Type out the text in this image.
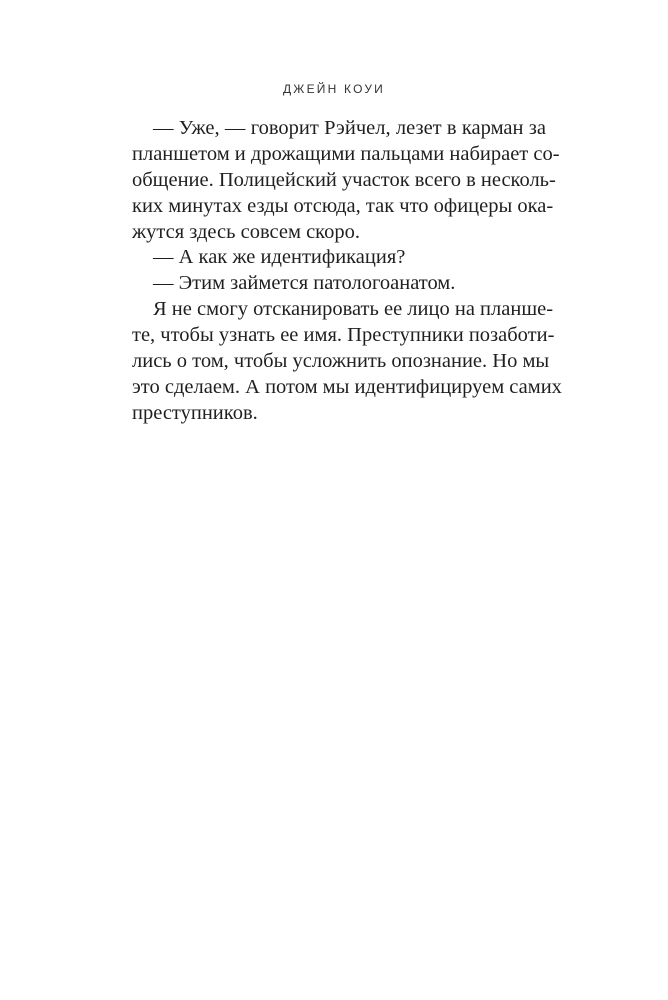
ДЖЕЙН КОУИ
— Уже, — говорит Рэйчел, лезет в карман за
планшетом и дрожащими пальцами набирает со-
общение. Полицейский участок всего в несколь-
ких минутах езды отсюда, так что офицеры ока-
жутся здесь совсем скоро.
— А как же идентификация?
— Этим займется патологоанатом.
Я не смогу отсканировать ее лицо на планше-
те, чтобы узнать ее имя. Преступники позаботи-
лись о том, чтобы усложнить опознание. Но мы
это сделаем. А потом мы идентифицируем самих
преступников.
